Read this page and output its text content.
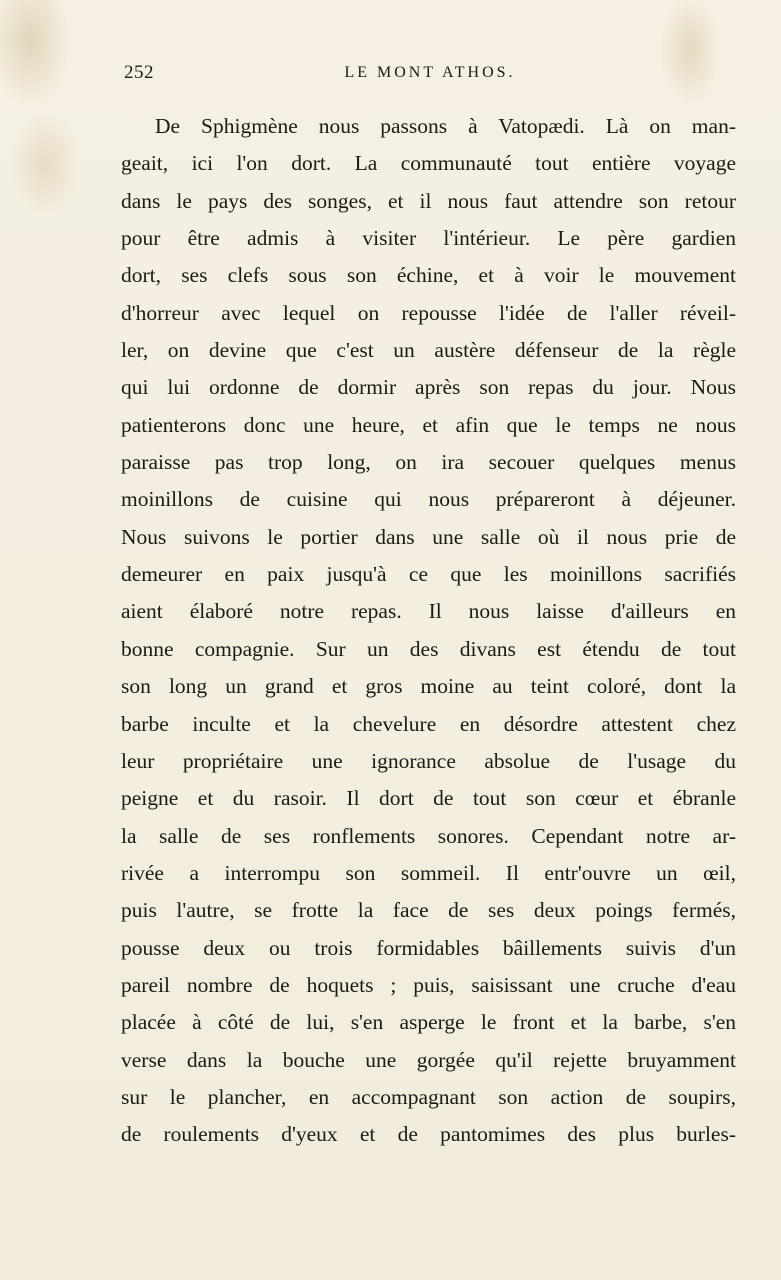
252	LE MONT ATHOS.
De Sphigmène nous passons à Vatopædi. Là on man-
geait, ici l'on dort. La communauté tout entière voyage
dans le pays des songes, et il nous faut attendre son retour
pour être admis à visiter l'intérieur. Le père gardien
dort, ses clefs sous son échine, et à voir le mouvement
d'horreur avec lequel on repousse l'idée de l'aller réveil-
ler, on devine que c'est un austère défenseur de la règle
qui lui ordonne de dormir après son repas du jour. Nous
patienterons donc une heure, et afin que le temps ne nous
paraisse pas trop long, on ira secouer quelques menus
moinillons de cuisine qui nous prépareront à déjeuner.
Nous suivons le portier dans une salle où il nous prie de
demeurer en paix jusqu'à ce que les moinillons sacrifiés
aient élaboré notre repas. Il nous laisse d'ailleurs en
bonne compagnie. Sur un des divans est étendu de tout
son long un grand et gros moine au teint coloré, dont la
barbe inculte et la chevelure en désordre attestent chez
leur propriétaire une ignorance absolue de l'usage du
peigne et du rasoir. Il dort de tout son cœur et ébranle
la salle de ses ronflements sonores. Cependant notre ar-
rivée a interrompu son sommeil. Il entr'ouvre un œil,
puis l'autre, se frotte la face de ses deux poings fermés,
pousse deux ou trois formidables bâillements suivis d'un
pareil nombre de hoquets ; puis, saisissant une cruche d'eau
placée à côté de lui, s'en asperge le front et la barbe, s'en
verse dans la bouche une gorgée qu'il rejette bruyamment
sur le plancher, en accompagnant son action de soupirs,
de roulements d'yeux et de pantomimes des plus burles-
